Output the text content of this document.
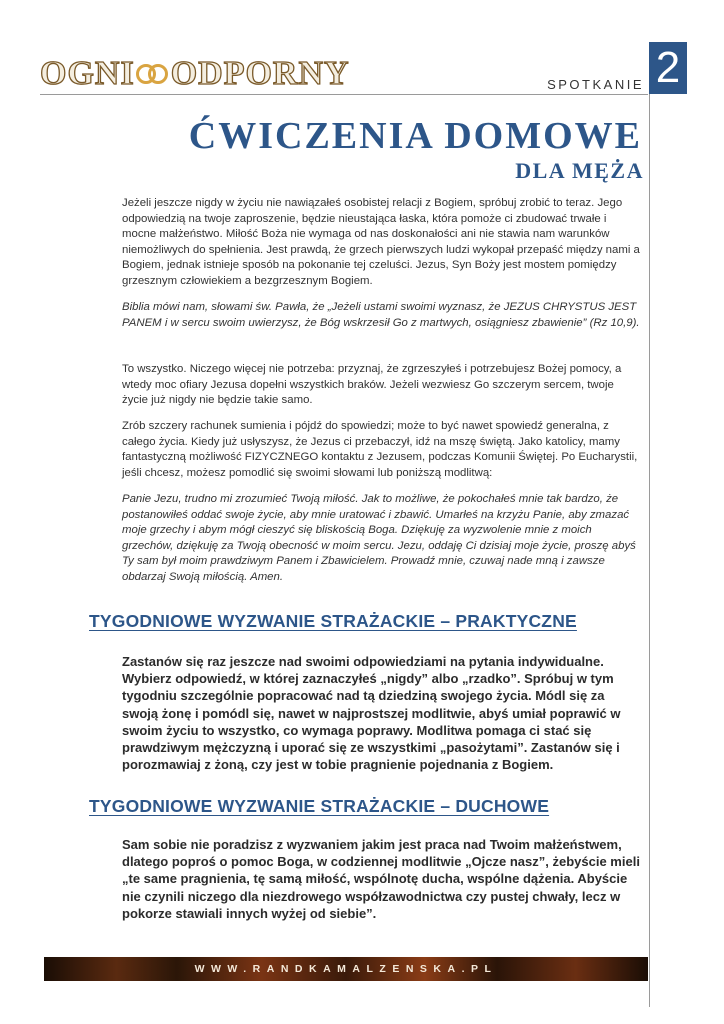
OGNI ODPORNY	SPOTKANIE 2
ĆWICZENIA DOMOWE
DLA MĘŻA

Jeżeli jeszcze nigdy w życiu nie nawiązałeś osobistej relacji z Bogiem, spróbuj zrobić to teraz. Jego odpowiedzią na twoje zaproszenie, będzie nieustająca łaska, która pomoże ci zbudować trwałe i mocne małżeństwo. Miłość Boża nie wymaga od nas doskonałości ani nie stawia nam warunków niemożliwych do spełnienia. Jest prawdą, że grzech pierwszych ludzi wykopał przepaść między nami a Bogiem, jednak istnieje sposób na pokonanie tej czeluści. Jezus, Syn Boży jest mostem pomiędzy grzesznym człowiekiem a bezgrzesznym Bogiem.

Biblia mówi nam, słowami św. Pawła, że „Jeżeli ustami swoimi wyznasz, że JEZUS CHRYSTUS JEST PANEM i w sercu swoim uwierzysz, że Bóg wskrzesił Go z martwych, osiągniesz zbawienie” (Rz 10,9).

To wszystko. Niczego więcej nie potrzeba: przyznaj, że zgrzeszyłeś i potrzebujesz Bożej pomocy, a wtedy moc ofiary Jezusa dopełni wszystkich braków. Jeżeli wezwiesz Go szczerym sercem, twoje życie już nigdy nie będzie takie samo.

Zrób szczery rachunek sumienia i pójdź do spowiedzi; może to być nawet spowiedź generalna, z całego życia. Kiedy już usłyszysz, że Jezus ci przebaczył, idź na mszę świętą. Jako katolicy, mamy fantastyczną możliwość FIZYCZNEGO kontaktu z Jezusem, podczas Komunii Świętej. Po Eucharystii, jeśli chcesz, możesz pomodlić się swoimi słowami lub poniższą modlitwą:

Panie Jezu, trudno mi zrozumieć Twoją miłość. Jak to możliwe, że pokochałeś mnie tak bardzo, że postanowiłeś oddać swoje życie, aby mnie uratować i zbawić. Umarłeś na krzyżu Panie, aby zmazać moje grzechy i abym mógł cieszyć się bliskością Boga. Dziękuję za wyzwolenie mnie z moich grzechów, dziękuję za Twoją obecność w moim sercu. Jezu, oddaję Ci dzisiaj moje życie, proszę abyś Ty sam był moim prawdziwym Panem i Zbawicielem. Prowadź mnie, czuwaj nade mną i zawsze obdarzaj Swoją miłością. Amen.

TYGODNIOWE WYZWANIE STRAŻACKIE – PRAKTYCZNE
Zastanów się raz jeszcze nad swoimi odpowiedziami na pytania indywidualne. Wybierz odpowiedź, w której zaznaczyłeś „nigdy” albo „rzadko”. Spróbuj w tym tygodniu szczególnie popracować nad tą dziedziną swojego życia. Módl się za swoją żonę i pomódl się, nawet w najprostszej modlitwie, abyś umiał poprawić w swoim życiu to wszystko, co wymaga poprawy. Modlitwa pomaga ci stać się prawdziwym mężczyzną i uporać się ze wszystkimi „pasożytami”. Zastanów się i porozmawiaj z żoną, czy jest w tobie pragnienie pojednania z Bogiem.
TYGODNIOWE WYZWANIE STRAŻACKIE – DUCHOWE
Sam sobie nie poradzisz z wyzwaniem jakim jest praca nad Twoim małżeństwem, dlatego poproś o pomoc Boga, w codziennej modlitwie „Ojcze nasz”, żebyście mieli „te same pragnienia, tę samą miłość, wspólnotę ducha, wspólne dążenia. Abyście nie czynili niczego dla niezdrowego współzawodnictwa czy pustej chwały, lecz w pokorze stawiali innych wyżej od siebie”.
WWW.RANDKAMALZENSKA.PL
